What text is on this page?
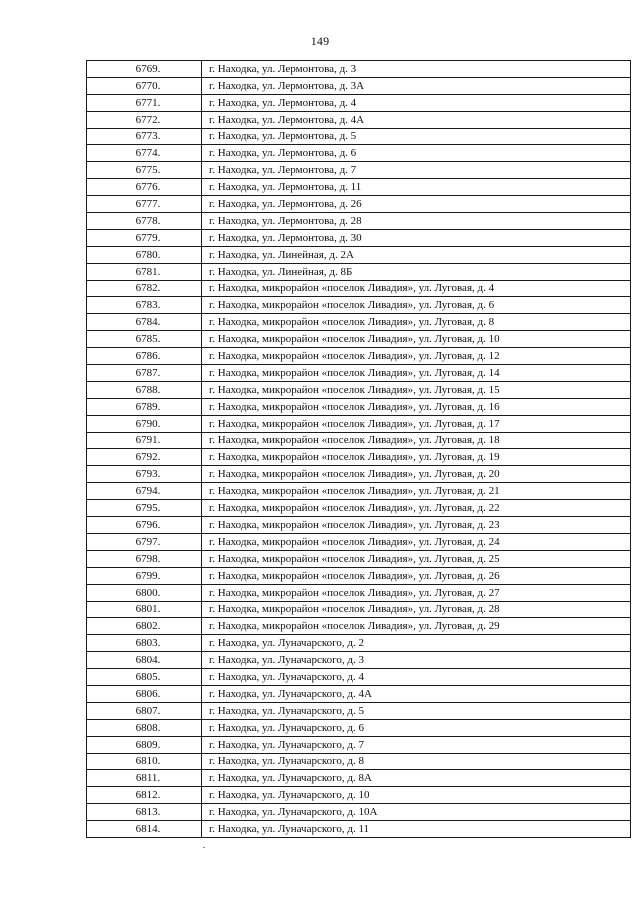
149
6769.	г. Находка, ул. Лермонтова, д. 3
6770.	г. Находка, ул. Лермонтова, д. 3А
6771.	г. Находка, ул. Лермонтова, д. 4
6772.	г. Находка, ул. Лермонтова, д. 4А
6773.	г. Находка, ул. Лермонтова, д. 5
6774.	г. Находка, ул. Лермонтова, д. 6
6775.	г. Находка, ул. Лермонтова, д. 7
6776.	г. Находка, ул. Лермонтова, д. 11
6777.	г. Находка, ул. Лермонтова, д. 26
6778.	г. Находка, ул. Лермонтова, д. 28
6779.	г. Находка, ул. Лермонтова, д. 30
6780.	г. Находка, ул. Линейная, д. 2А
6781.	г. Находка, ул. Линейная, д. 8Б
6782.	г. Находка, микрорайон «поселок Ливадия», ул. Луговая, д. 4
6783.	г. Находка, микрорайон «поселок Ливадия», ул. Луговая, д. 6
6784.	г. Находка, микрорайон «поселок Ливадия», ул. Луговая, д. 8
6785.	г. Находка, микрорайон «поселок Ливадия», ул. Луговая, д. 10
6786.	г. Находка, микрорайон «поселок Ливадия», ул. Луговая, д. 12
6787.	г. Находка, микрорайон «поселок Ливадия», ул. Луговая, д. 14
6788.	г. Находка, микрорайон «поселок Ливадия», ул. Луговая, д. 15
6789.	г. Находка, микрорайон «поселок Ливадия», ул. Луговая, д. 16
6790.	г. Находка, микрорайон «поселок Ливадия», ул. Луговая, д. 17
6791.	г. Находка, микрорайон «поселок Ливадия», ул. Луговая, д. 18
6792.	г. Находка, микрорайон «поселок Ливадия», ул. Луговая, д. 19
6793.	г. Находка, микрорайон «поселок Ливадия», ул. Луговая, д. 20
6794.	г. Находка, микрорайон «поселок Ливадия», ул. Луговая, д. 21
6795.	г. Находка, микрорайон «поселок Ливадия», ул. Луговая, д. 22
6796.	г. Находка, микрорайон «поселок Ливадия», ул. Луговая, д. 23
6797.	г. Находка, микрорайон «поселок Ливадия», ул. Луговая, д. 24
6798.	г. Находка, микрорайон «поселок Ливадия», ул. Луговая, д. 25
6799.	г. Находка, микрорайон «поселок Ливадия», ул. Луговая, д. 26
6800.	г. Находка, микрорайон «поселок Ливадия», ул. Луговая, д. 27
6801.	г. Находка, микрорайон «поселок Ливадия», ул. Луговая, д. 28
6802.	г. Находка, микрорайон «поселок Ливадия», ул. Луговая, д. 29
6803.	г. Находка, ул. Луначарского, д. 2
6804.	г. Находка, ул. Луначарского, д. 3
6805.	г. Находка, ул. Луначарского, д. 4
6806.	г. Находка, ул. Луначарского, д. 4А
6807.	г. Находка, ул. Луначарского, д. 5
6808.	г. Находка, ул. Луначарского, д. 6
6809.	г. Находка, ул. Луначарского, д. 7
6810.	г. Находка, ул. Луначарского, д. 8
6811.	г. Находка, ул. Луначарского, д. 8А
6812.	г. Находка, ул. Луначарского, д. 10
6813.	г. Находка, ул. Луначарского, д. 10А
6814.	г. Находка, ул. Луначарского, д. 11
